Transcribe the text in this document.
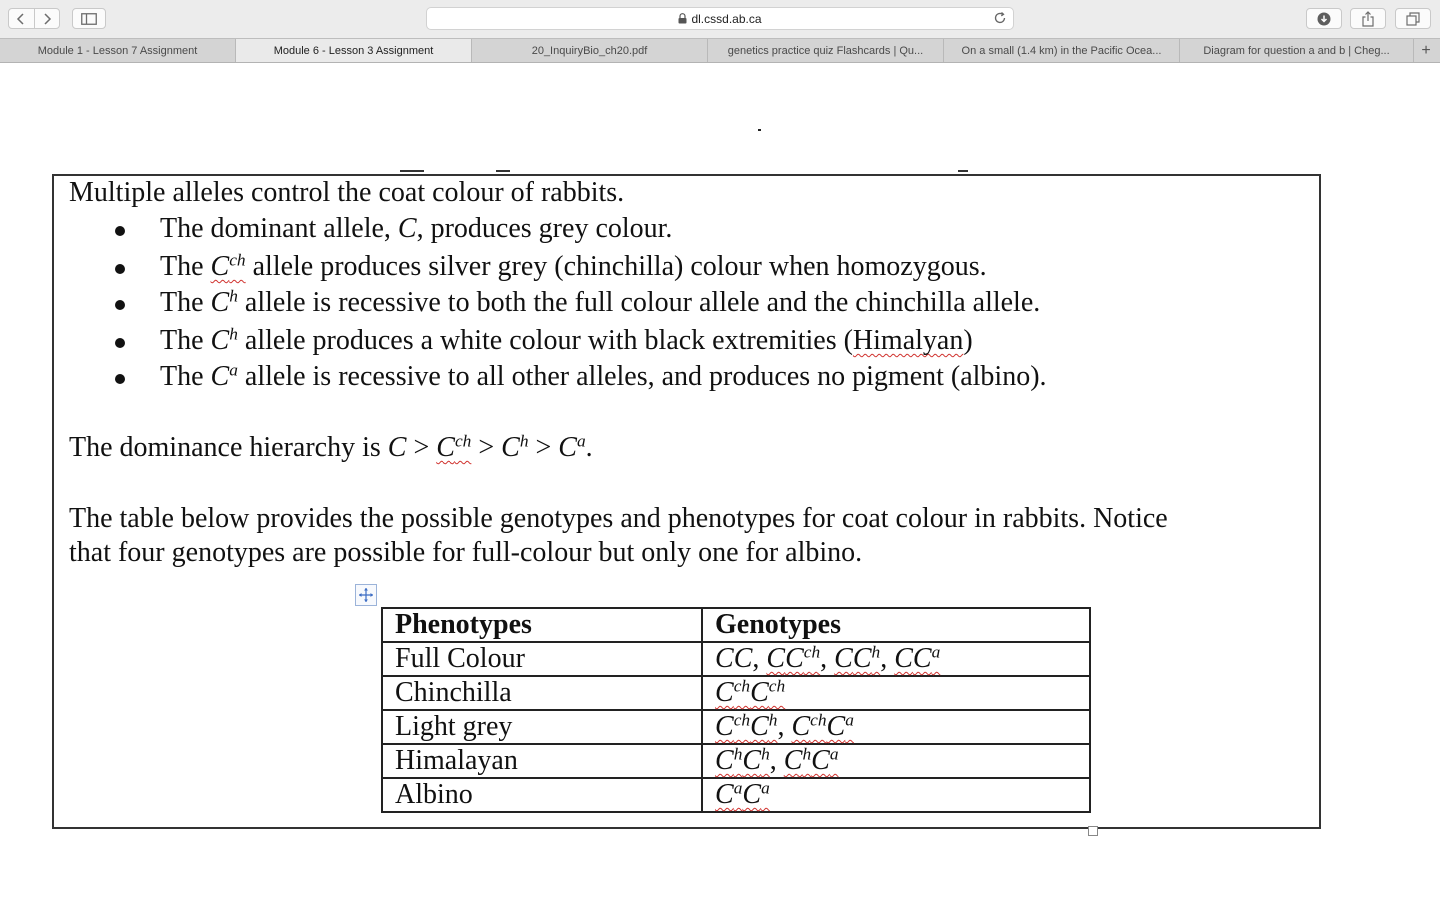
dl.cssd.ab.ca
Module 1 - Lesson 7 Assignment	Module 6 - Lesson 3 Assignment	20_InquiryBio_ch20.pdf	genetics practice quiz Flashcards | Qu...	On a small (1.4 km) in the Pacific Ocea...	Diagram for question a and b | Cheg... +
Multiple alleles control the coat colour of rabbits.
The dominant allele, C, produces grey colour.
The $C^{ch}$ allele produces silver grey (chinchilla) colour when homozygous.
The $C^h$ allele is recessive to both the full colour allele and the chinchilla allele.
The $C^h$ allele produces a white colour with black extremities (Himalyan)
The $C^a$ allele is recessive to all other alleles, and produces no pigment (albino).
The dominance hierarchy is $C > C^{ch} > C^h > C^a$.
The table below provides the possible genotypes and phenotypes for coat colour in rabbits. Notice
that four genotypes are possible for full-colour but only one for albino.
Phenotypes	Genotypes
Full Colour	CC, $CC^{ch}$, $CC^h$, $CC^a$
Chinchilla	$C^{ch}C^{ch}$
Light grey	$C^{ch}C^h$, $C^{ch}C^a$
Himalayan	$C^hC^h$, $C^hC^a$
Albino	$C^aC^a$
